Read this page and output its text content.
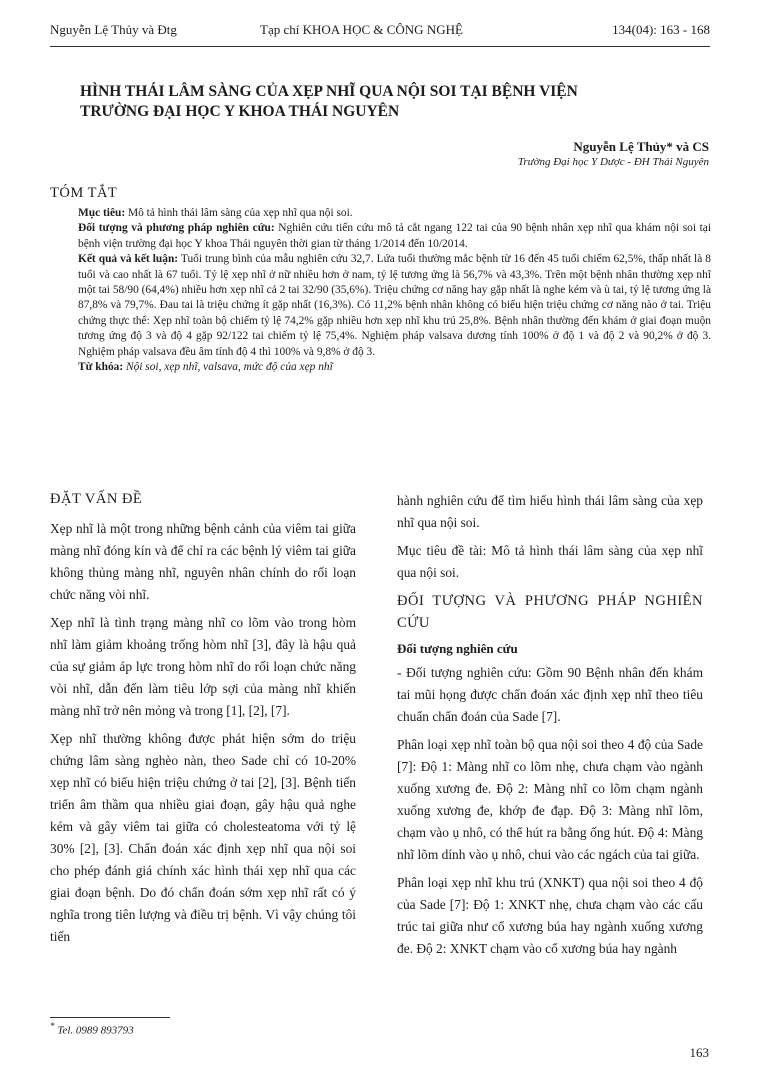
Nguyễn Lệ Thủy và Đtg	Tạp chí KHOA HỌC & CÔNG NGHỆ	134(04): 163 - 168
HÌNH THÁI LÂM SÀNG CỦA XẸP NHĨ QUA NỘI SOI TẠI BỆNH VIỆN
TRƯỜNG ĐẠI HỌC Y KHOA THÁI NGUYÊN

Nguyễn Lệ Thủy* và CS

Trường Đại học Y Dược - ĐH Thái Nguyên

TÓM TẮT

Mục tiêu: Mô tả hình thái lâm sàng của xẹp nhĩ qua nội soi.

Đối tượng và phương pháp nghiên cứu: Nghiên cứu tiến cứu mô tả cắt ngang 122 tai của 90 bệnh nhân xẹp nhĩ qua khám nội soi tại bệnh viện trường đại học Y khoa Thái nguyên thời gian từ tháng 1/2014 đến 10/2014.

Kết quả và kết luận: Tuổi trung bình của mẫu nghiên cứu 32,7. Lứa tuổi thường mắc bệnh từ 16 đến 45 tuổi chiếm 62,5%, thấp nhất là 8 tuổi và cao nhất là 67 tuổi. Tỷ lệ xẹp nhĩ ở nữ nhiều hơn ở nam, tỷ lệ tương ứng là 56,7% và 43,3%. Trên một bệnh nhân thường xẹp nhĩ một tai 58/90 (64,4%) nhiều hơn xẹp nhĩ cả 2 tai 32/90 (35,6%). Triệu chứng cơ năng hay gặp nhất là nghe kém và ù tai, tỷ lệ tương ứng là 87,8% và 79,7%. Đau tai là triệu chứng ít gặp nhất (16,3%). Có 11,2% bệnh nhân không có biểu hiện triệu chứng cơ năng nào ở tai. Triệu chứng thực thể: Xẹp nhĩ toàn bộ chiếm tỷ lệ 74,2% gặp nhiều hơn xẹp nhĩ khu trú 25,8%. Bệnh nhân thường đến khám ở giai đoạn muộn tương ứng độ 3 và độ 4 gặp 92/122 tai chiếm tỷ lệ 75,4%. Nghiệm pháp valsava dương tính 100% ở độ 1 và độ 2 và 90,2% ở độ 3. Nghiệm pháp valsava đều âm tính độ 4 thì 100% và 9,8% ở độ 3.

Từ khóa: Nội soi, xẹp nhĩ, valsava, mức độ của xẹp nhĩ

ĐẶT VẤN ĐỀ

Xẹp nhĩ là một trong những bệnh cảnh của viêm tai giữa màng nhĩ đóng kín và để chỉ ra các bệnh lý viêm tai giữa không thủng màng nhĩ, nguyên nhân chính do rối loạn chức năng vòi nhĩ.

Xẹp nhĩ là tình trạng màng nhĩ co lõm vào trong hòm nhĩ làm giảm khoảng trống hòm nhĩ [3], đây là hậu quả của sự giảm áp lực trong hòm nhĩ do rối loạn chức năng vòi nhĩ, dẫn đến làm tiêu lớp sợi của màng nhĩ khiến màng nhĩ trở nên mỏng và trong [1], [2], [7].

Xẹp nhĩ thường không được phát hiện sớm do triệu chứng lâm sàng nghèo nàn, theo Sade chỉ có 10-20% xẹp nhĩ có biểu hiện triệu chứng ở tai [2], [3]. Bệnh tiến triển âm thầm qua nhiều giai đoạn, gây hậu quả nghe kém và gây viêm tai giữa có cholesteatoma với tỷ lệ 30% [2], [3]. Chẩn đoán xác định xẹp nhĩ qua nội soi cho phép đánh giá chính xác hình thái xẹp nhĩ qua các giai đoạn bệnh. Do đó chẩn đoán sớm xẹp nhĩ rất có ý nghĩa trong tiên lượng và điều trị bệnh. Vì vậy chúng tôi tiến

hành nghiên cứu để tìm hiểu hình thái lâm sàng của xẹp nhĩ qua nội soi.

Mục tiêu đề tài: Mô tả hình thái lâm sàng của xẹp nhĩ qua nội soi.

ĐỐI TƯỢNG VÀ PHƯƠNG PHÁP NGHIÊN CỨU
Đối tượng nghiên cứu

- Đối tượng nghiên cứu: Gồm 90 Bệnh nhân đến khám tai mũi họng được chẩn đoán xác định xẹp nhĩ theo tiêu chuẩn chẩn đoán của Sade [7].

Phân loại xẹp nhĩ toàn bộ qua nội soi theo 4 độ của Sade [7]: Độ 1: Màng nhĩ co lõm nhẹ, chưa chạm vào ngành xuống xương đe. Độ 2: Màng nhĩ co lõm chạm ngành xuống xương đe, khớp đe đạp. Độ 3: Màng nhĩ lõm, chạm vào ụ nhô, có thể hút ra bằng ống hút. Độ 4: Màng nhĩ lõm dính vào ụ nhô, chui vào các ngách của tai giữa.

Phân loại xẹp nhĩ khu trú (XNKT) qua nội soi theo 4 độ của Sade [7]: Độ 1: XNKT nhẹ, chưa chạm vào các cấu trúc tai giữa như cổ xương búa hay ngành xuống xương đe. Độ 2: XNKT chạm vào cổ xương búa hay ngành

* Tel. 0989 893793
163
